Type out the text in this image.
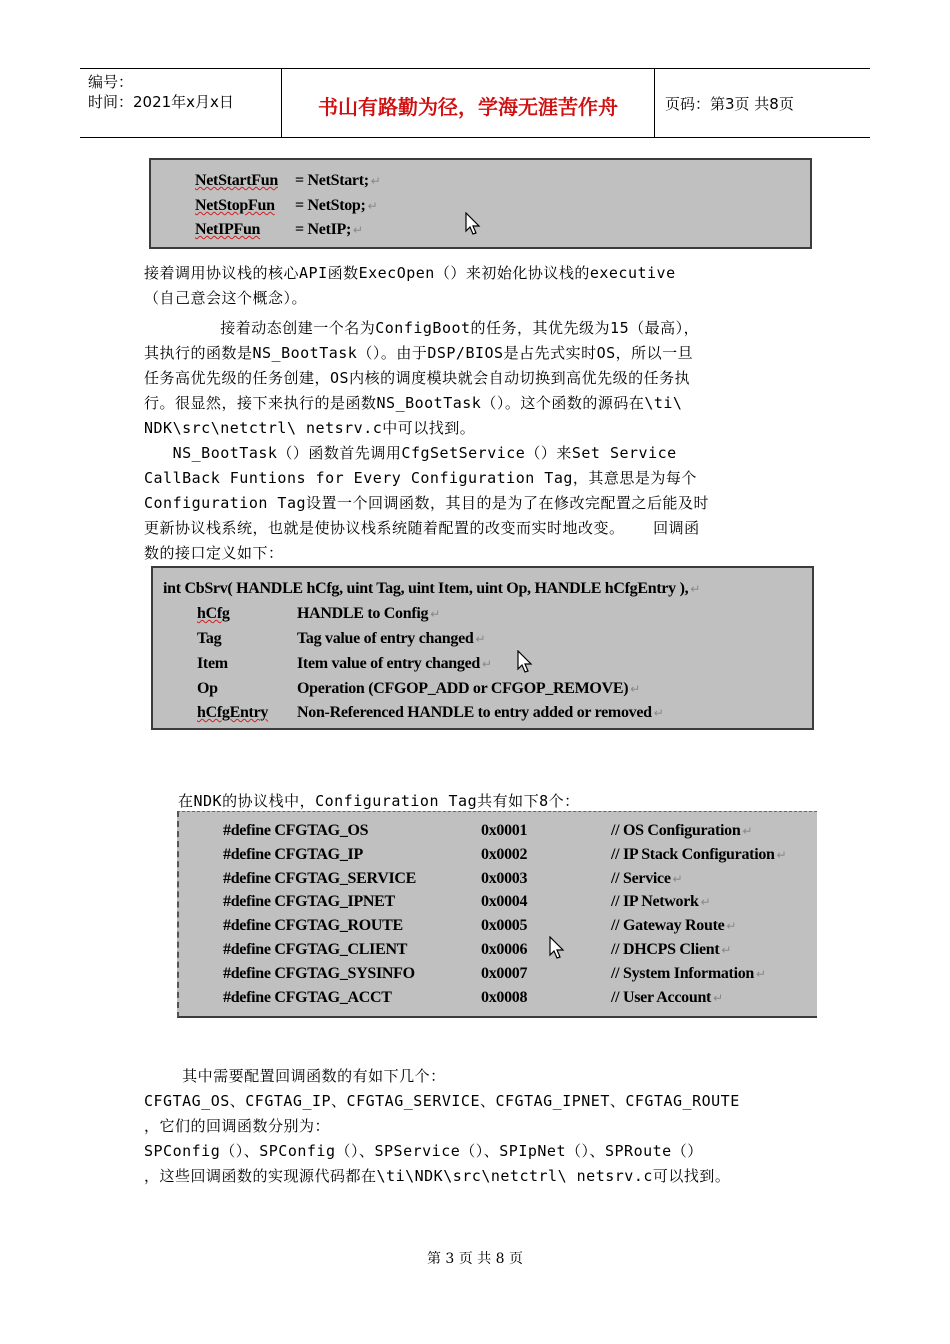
编号：
时间：2021年x月x日	书山有路勤为径，学海无涯苦作舟	页码：第3页 共8页
NetStartFun = NetStart; ↵
NetStopFun = NetStop; ↵
NetIPFun = NetIP; ↵
接着调用协议栈的核心API函数ExecOpen（）来初始化协议栈的executive
（自己意会这个概念）。
接着动态创建一个名为ConfigBoot的任务，其优先级为15（最高），
其执行的函数是NS_BootTask（）。由于DSP/BIOS是占先式实时OS，所以一旦
任务高优先级的任务创建，OS内核的调度模块就会自动切换到高优先级的任务执
行。很显然，接下来执行的是函数NS_BootTask（）。这个函数的源码在\ti\
NDK\src\netctrl\ netsrv.c中可以找到。
NS_BootTask（）函数首先调用CfgSetService（）来Set Service
CallBack Funtions for Every Configuration Tag，其意思是为每个
Configuration Tag设置一个回调函数，其目的是为了在修改完配置之后能及时
更新协议栈系统，也就是使协议栈系统随着配置的改变而实时地改变。   回调函
数的接口定义如下：
int CbSrv( HANDLE hCfg, uint Tag, uint Item, uint Op, HANDLE hCfgEntry ), ↵
hCfg	HANDLE to Config ↵
Tag	Tag value of entry changed ↵
Item	Item value of entry changed ↵
Op	Operation (CFGOP_ADD or CFGOP_REMOVE) ↵
hCfgEntry Non-Referenced HANDLE to entry added or removed ↵
在NDK的协议栈中，Configuration Tag共有如下8个：
#define CFGTAG_OS	0x0001	// OS Configuration ↵
#define CFGTAG_IP	0x0002	// IP Stack Configuration ↵
#define CFGTAG_SERVICE	0x0003	// Service ↵
#define CFGTAG_IPNET	0x0004	// IP Network ↵
#define CFGTAG_ROUTE	0x0005	// Gateway Route ↵
#define CFGTAG_CLIENT	0x0006	// DHCPS Client ↵
#define CFGTAG_SYSINFO	0x0007	// System Information ↵
#define CFGTAG_ACCT	0x0008	// User Account ↵
其中需要配置回调函数的有如下几个：
CFGTAG_OS、CFGTAG_IP、CFGTAG_SERVICE、CFGTAG_IPNET、CFGTAG_ROUTE
，它们的回调函数分别为：
SPConfig（）、SPConfig（）、SPService（）、SPIpNet（）、SPRoute（）
，这些回调函数的实现源代码都在\ti\NDK\src\netctrl\ netsrv.c可以找到。
第 3 页 共 8 页
